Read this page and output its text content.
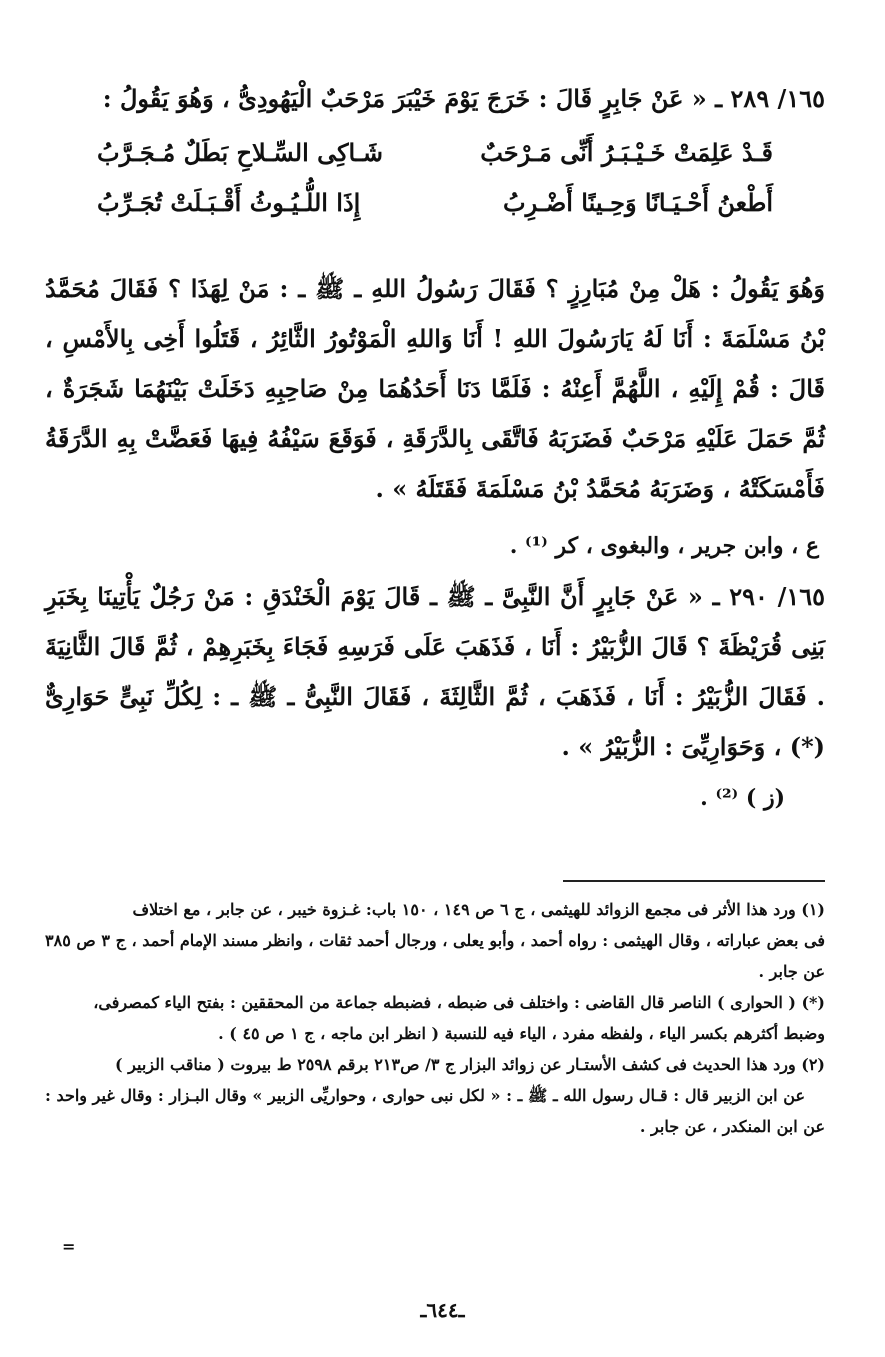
١٦٥/ ٢٨٩ ـ « عَنْ جَابِرٍ قَالَ : خَرَجَ يَوْمَ خَيْبَرَ مَرْحَبٌ الْيَهُودِىُّ ، وَهُوَ يَقُولُ :

قَـدْ عَلِمَتْ خَـيْـبَـرُ أَنِّى مَـرْحَبٌ
شَـاكِى السِّـلاحِ بَطَلٌ مُـجَـرَّبُ
أَطْعنُ أَحْـيَـانًا وَحِـينًا أَضْـرِبُ
إِذَا اللُّـيُـوثُ أَقْـبَـلَتْ تُجَـرِّبُ

وَهُوَ يَقُولُ : هَلْ مِنْ مُبَارِزٍ ؟ فَقَالَ رَسُولُ اللهِ ـ ﷺ ـ : مَنْ لِهَذَا ؟ فَقَالَ مُحَمَّدُ بْنُ مَسْلَمَةَ : أَنَا لَهُ يَارَسُولَ اللهِ ! أَنَا وَاللهِ الْمَوْتُورُ الثَّائِرُ ، قَتَلُوا أَخِى بِالأَمْسِ ، قَالَ : قُمْ إِلَيْهِ ، اللَّهُمَّ أَعِنْهُ : فَلَمَّا دَنَا أَحَدُهُمَا مِنْ صَاحِبِهِ دَخَلَتْ بَيْنَهُمَا شَجَرَةٌ ، ثُمَّ حَمَلَ عَلَيْهِ مَرْحَبٌ فَضَرَبَهُ فَاتَّقَى بِالدَّرَقَةِ ، فَوَقَعَ سَيْفُهُ فِيهَا فَعَضَّتْ بِهِ الدَّرَقَةُ فَأَمْسَكَتْهُ ، وَضَرَبَهُ مُحَمَّدُ بْنُ مَسْلَمَةَ فَقَتَلَهُ » .

ع ، وابن جرير ، والبغوى ، كر ⁽¹⁾ .

١٦٥/ ٢٩٠ ـ « عَنْ جَابِرٍ أَنَّ النَّبِىَّ ـ ﷺ ـ قَالَ يَوْمَ الْخَنْدَقِ : مَنْ رَجُلٌ يَأْتِينَا بِخَبَرِ بَنِى قُرَيْظَةَ ؟ قَالَ الزُّبَيْرُ : أَنَا ، فَذَهَبَ عَلَى فَرَسِهِ فَجَاءَ بِخَبَرِهِمْ ، ثُمَّ قَالَ الثَّانِيَةَ . فَقَالَ الزُّبَيْرُ : أَنَا ، فَذَهَبَ ، ثُمَّ الثَّالِثَةَ ، فَقَالَ النَّبِىُّ ـ ﷺ ـ : لِكُلِّ نَبِىٍّ حَوَارِىٌّ (*) ، وَحَوَارِيِّىَ : الزُّبَيْرُ » .

(ز ) ⁽²⁾ .

(١) ورد هذا الأثر فى مجمع الزوائد للهيثمى ، ج ٦ ص ١٤٩ ، ١٥٠ باب: غـزوة خيبر ، عن جابر ، مع اختلاف
فى بعض عباراته ، وقال الهيثمى : رواه أحمد ، وأبو يعلى ، ورجال أحمد ثقات ، وانظر مسند الإمام أحمد ، ج ٣ ص ٣٨٥ عن جابر .

(*) ( الحوارى ) الناصر قال القاضى : واختلف فى ضبطه ، فضبطه جماعة من المحققين : بفتح الياء كمصرفى،
وضبط أكثرهم بكسر الياء ، ولفظه مفرد ، الياء فيه للنسبة ( انظر ابن ماجه ، ج ١ ص ٤٥ ) .

(٢) ورد هذا الحديث فى كشف الأستـار عن زوائد البزار ج ٣/ ص٢١٣ برقم ٢٥٩٨ ط بيروت ( مناقب الزبير )
عن ابن الزبير قال : قـال رسول الله ـ ﷺ ـ : « لكل نبى حوارى ، وحواريِّى الزبير » وقال البـزار : وقال غير واحد : عن ابن المنكدر ، عن جابر .

=
ـ٦٤٤ـ
